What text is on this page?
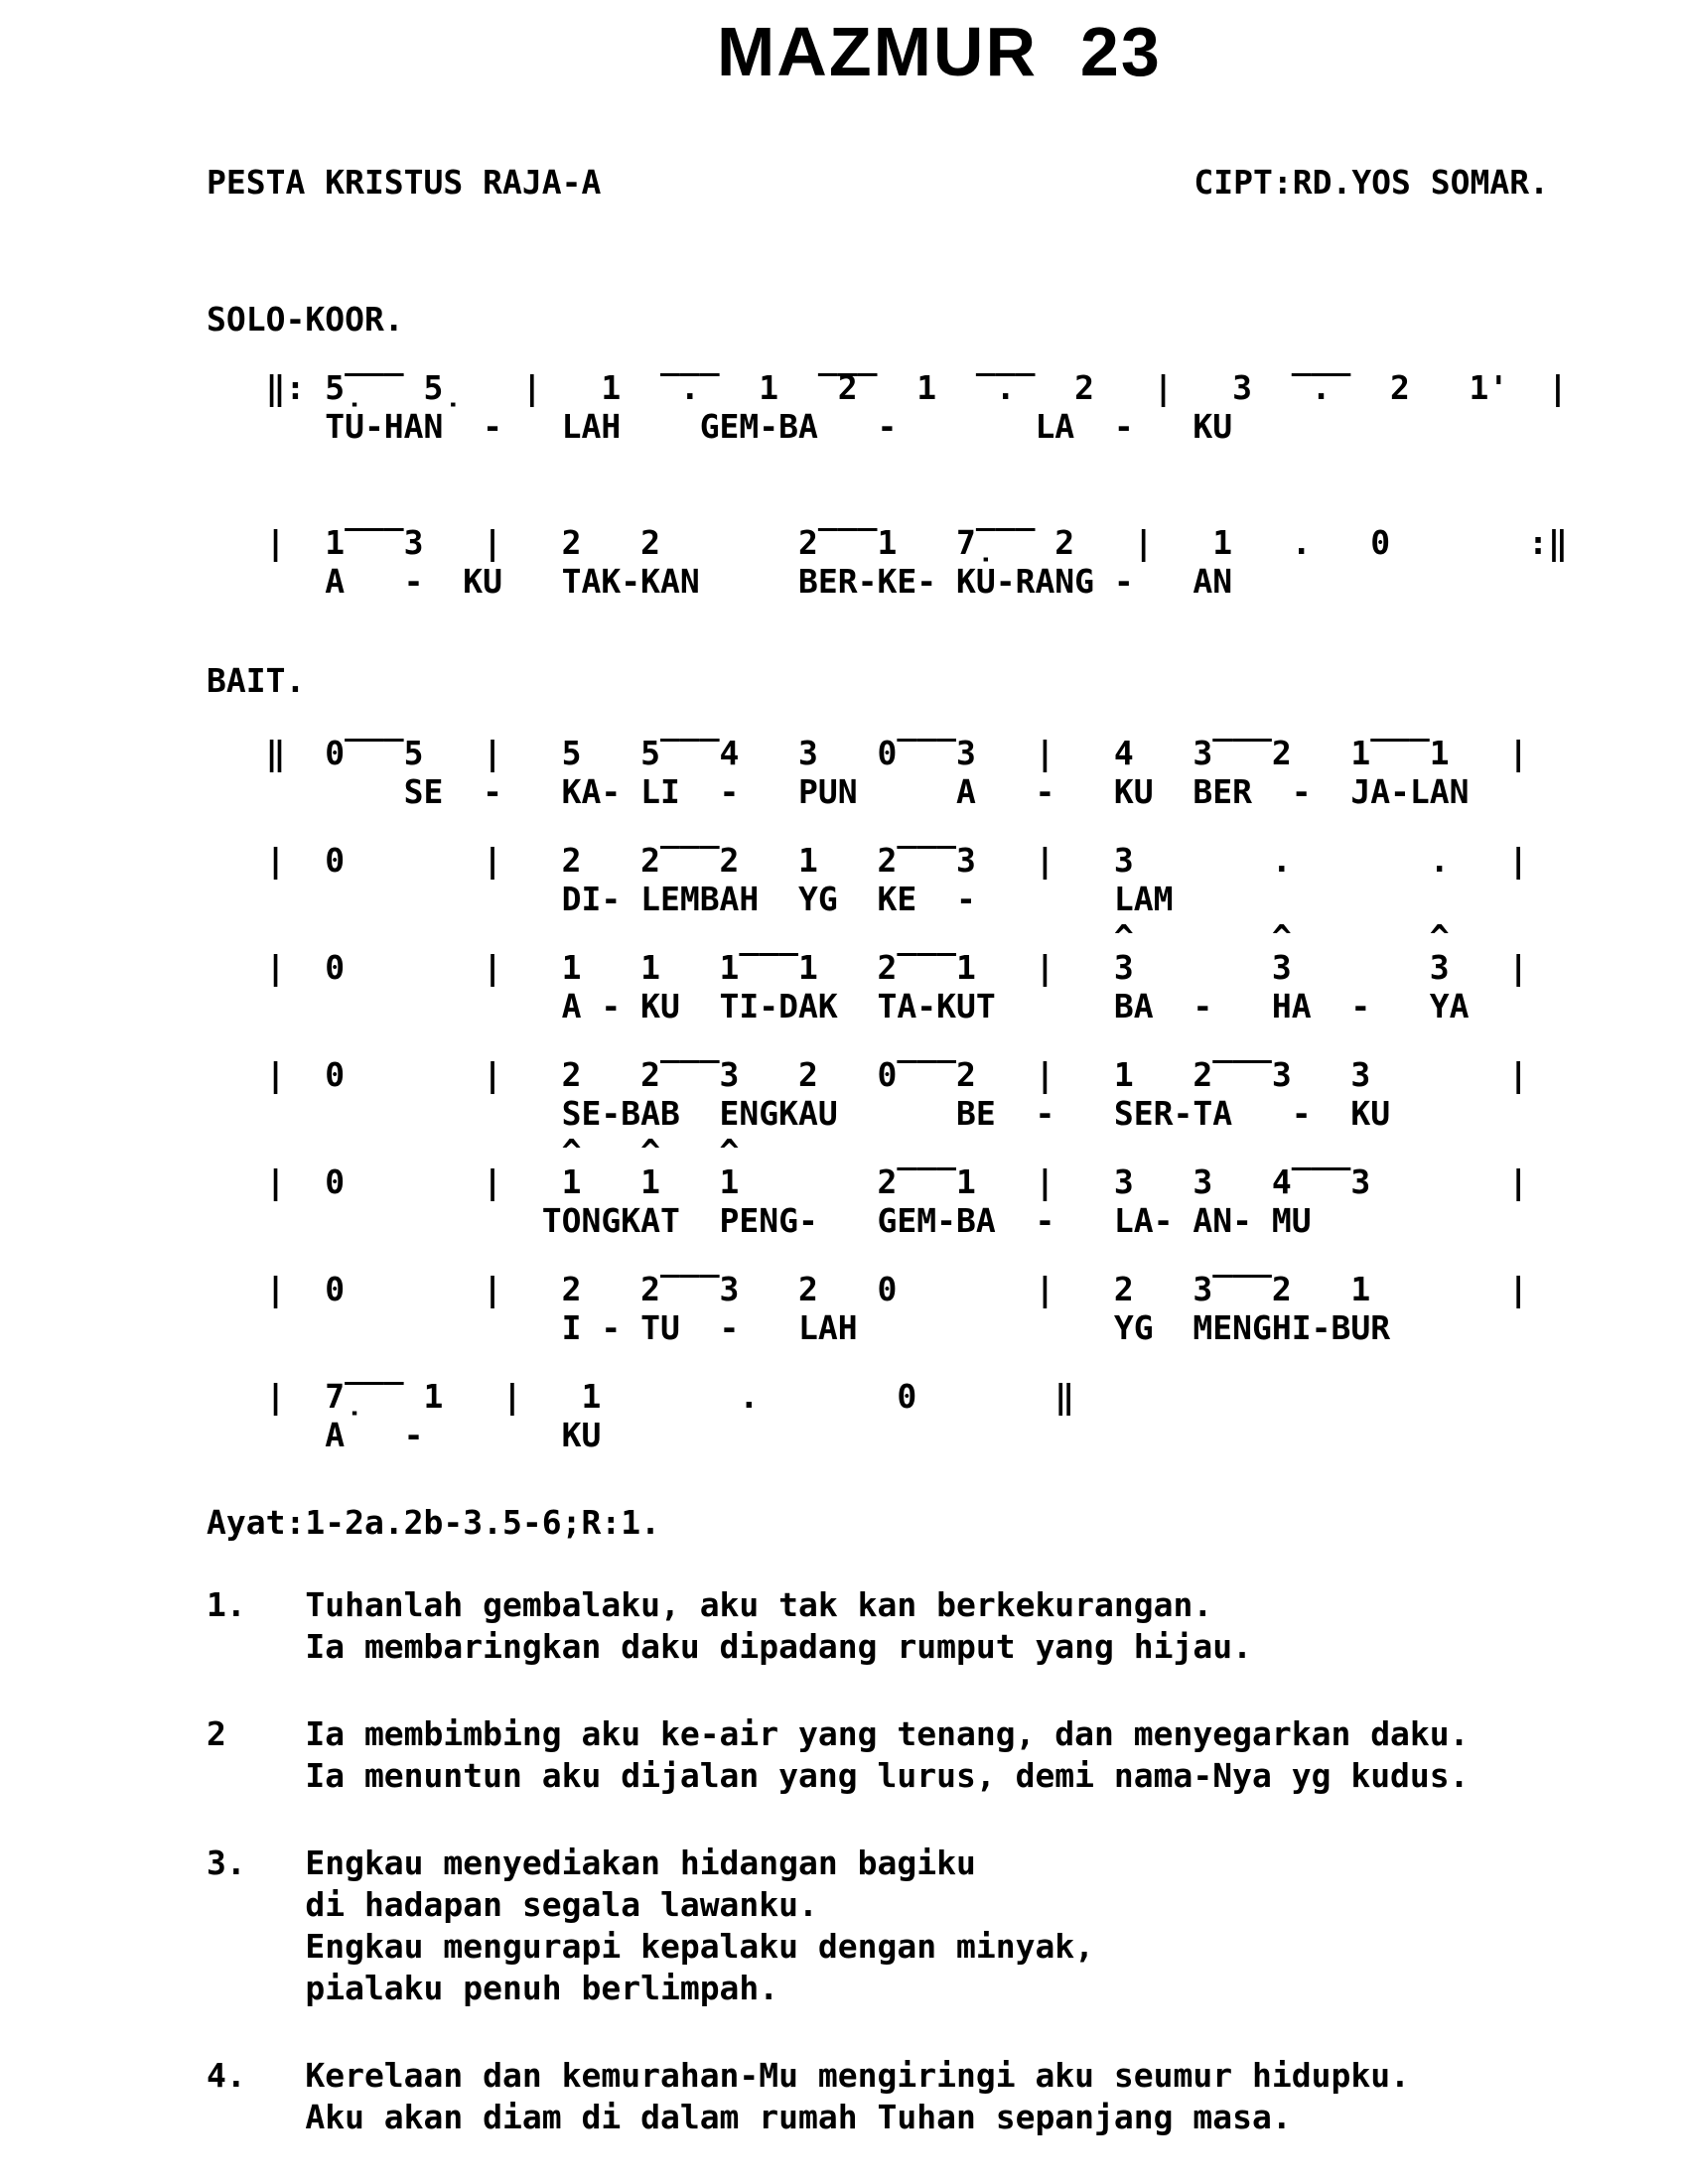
MAZMUR  23
PESTA KRISTUS RAJA-A	CIPT:RD.YOS SOMAR.
SOLO-KOOR.
___             ___     ___     ___             ___
‖: 5̣   5̣   |   1   .   1   2   1   .   2   |   3   .   2   1'  |
TU-HAN  -   LAH    GEM-BA   -       LA  -   KU
___                     ___     ___
|  1   3   |   2   2       2   1   7̣   2   |   1   .   0       :‖
A   -  KU   TAK-KAN     BER-KE- KU-RANG -   AN
BAIT.
___             ___         ___             ___     ___
‖  0   5   |   5   5   4   3   0   3   |   4   3   2   1   1   |
SE  -   KA- LI  -   PUN     A   -   KU  BER  -  JA-LAN
___         ___
|  0       |   2   2   2   1   2   3   |   3       .       .   |
DI- LEMBAH  YG  KE  -       LAM
___     ___        ^       ^       ^
|  0       |   1   1   1   1   2   1   |   3       3       3   |
A - KU  TI-DAK  TA-KUT      BA  -   HA  -   YA
___         ___             ___
|  0       |   2   2   3   2   0   2   |   1   2   3   3       |
SE-BAB  ENGKAU      BE  -   SER-TA   -  KU
^   ^   ^        ___                 ___
|  0       |   1   1   1       2   1   |   3   3   4   3       |
TONGKAT  PENG-   GEM-BA  -   LA- AN- MU
___                         ___
|  0       |   2   2   3   2   0       |   2   3   2   1       |
I - TU  -   LAH             YG  MENGHI-BUR
___
|  7̣   1   |   1       .       0       ‖
A   -       KU
Ayat:1-2a.2b-3.5-6;R:1.
1.   Tuhanlah gembalaku, aku tak kan berkekurangan.
Ia membaringkan daku dipadang rumput yang hijau.
2    Ia membimbing aku ke-air yang tenang, dan menyegarkan daku.
Ia menuntun aku dijalan yang lurus, demi nama-Nya yg kudus.
3.   Engkau menyediakan hidangan bagiku
di hadapan segala lawanku.
Engkau mengurapi kepalaku dengan minyak,
pialaku penuh berlimpah.
4.   Kerelaan dan kemurahan-Mu mengiringi aku seumur hidupku.
Aku akan diam di dalam rumah Tuhan sepanjang masa.
